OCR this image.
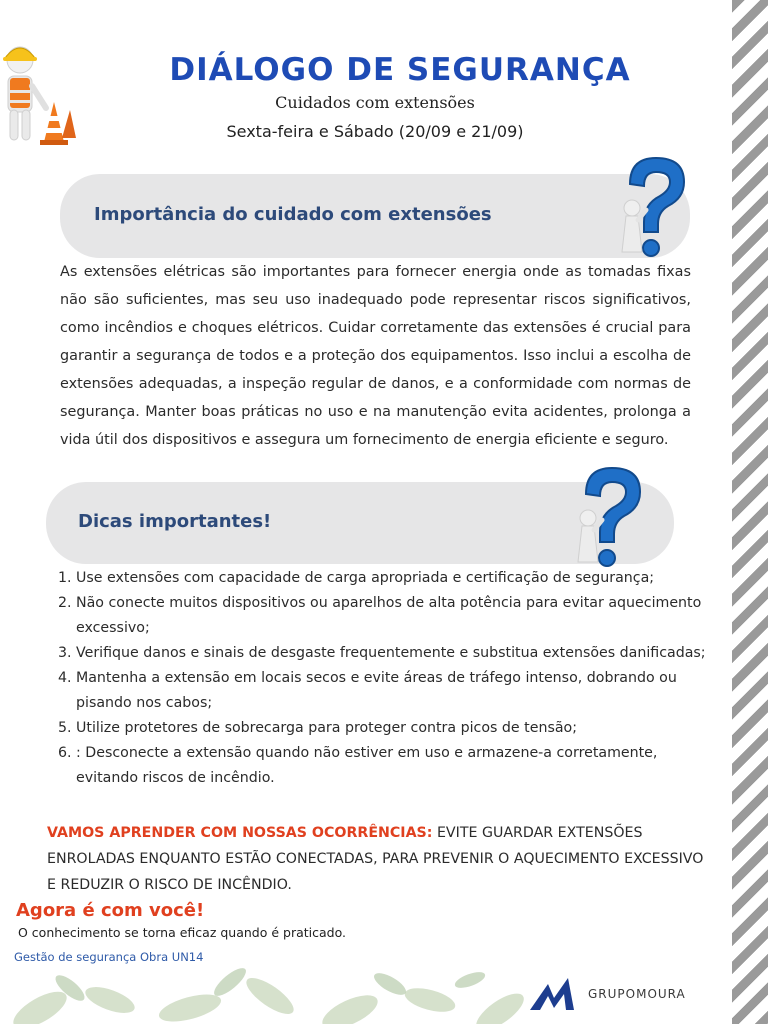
DIÁLOGO DE SEGURANÇA
Cuidados com extensões
Sexta-feira e Sábado (20/09 e 21/09)
Importância do cuidado com extensões

As extensões elétricas são importantes para fornecer energia onde as tomadas fixas não são suficientes, mas seu uso inadequado pode representar riscos significativos, como incêndios e choques elétricos. Cuidar corretamente das extensões é crucial para garantir a segurança de todos e a proteção dos equipamentos. Isso inclui a escolha de extensões adequadas, a inspeção regular de danos, e a conformidade com normas de segurança. Manter boas práticas no uso e na manutenção evita acidentes, prolonga a vida útil dos dispositivos e assegura um fornecimento de energia eficiente e seguro.

Dicas importantes!
1. Use extensões com capacidade de carga apropriada e certificação de segurança;
2. Não conecte muitos dispositivos ou aparelhos de alta potência para evitar aquecimento excessivo;
3. Verifique danos e sinais de desgaste frequentemente e substitua extensões danificadas;
4. Mantenha a extensão em locais secos e evite áreas de tráfego intenso, dobrando ou pisando nos cabos;
5. Utilize protetores de sobrecarga para proteger contra picos de tensão;
6. : Desconecte a extensão quando não estiver em uso e armazene-a corretamente, evitando riscos de incêndio.

VAMOS APRENDER COM NOSSAS OCORRÊNCIAS: EVITE GUARDAR EXTENSÕES ENROLADAS ENQUANTO ESTÃO CONECTADAS, PARA PREVENIR O AQUECIMENTO EXCESSIVO E REDUZIR O RISCO DE INCÊNDIO.

Agora é com você!
O conhecimento se torna eficaz quando é praticado.
Gestão de segurança Obra UN14
GRUPOMOURA
